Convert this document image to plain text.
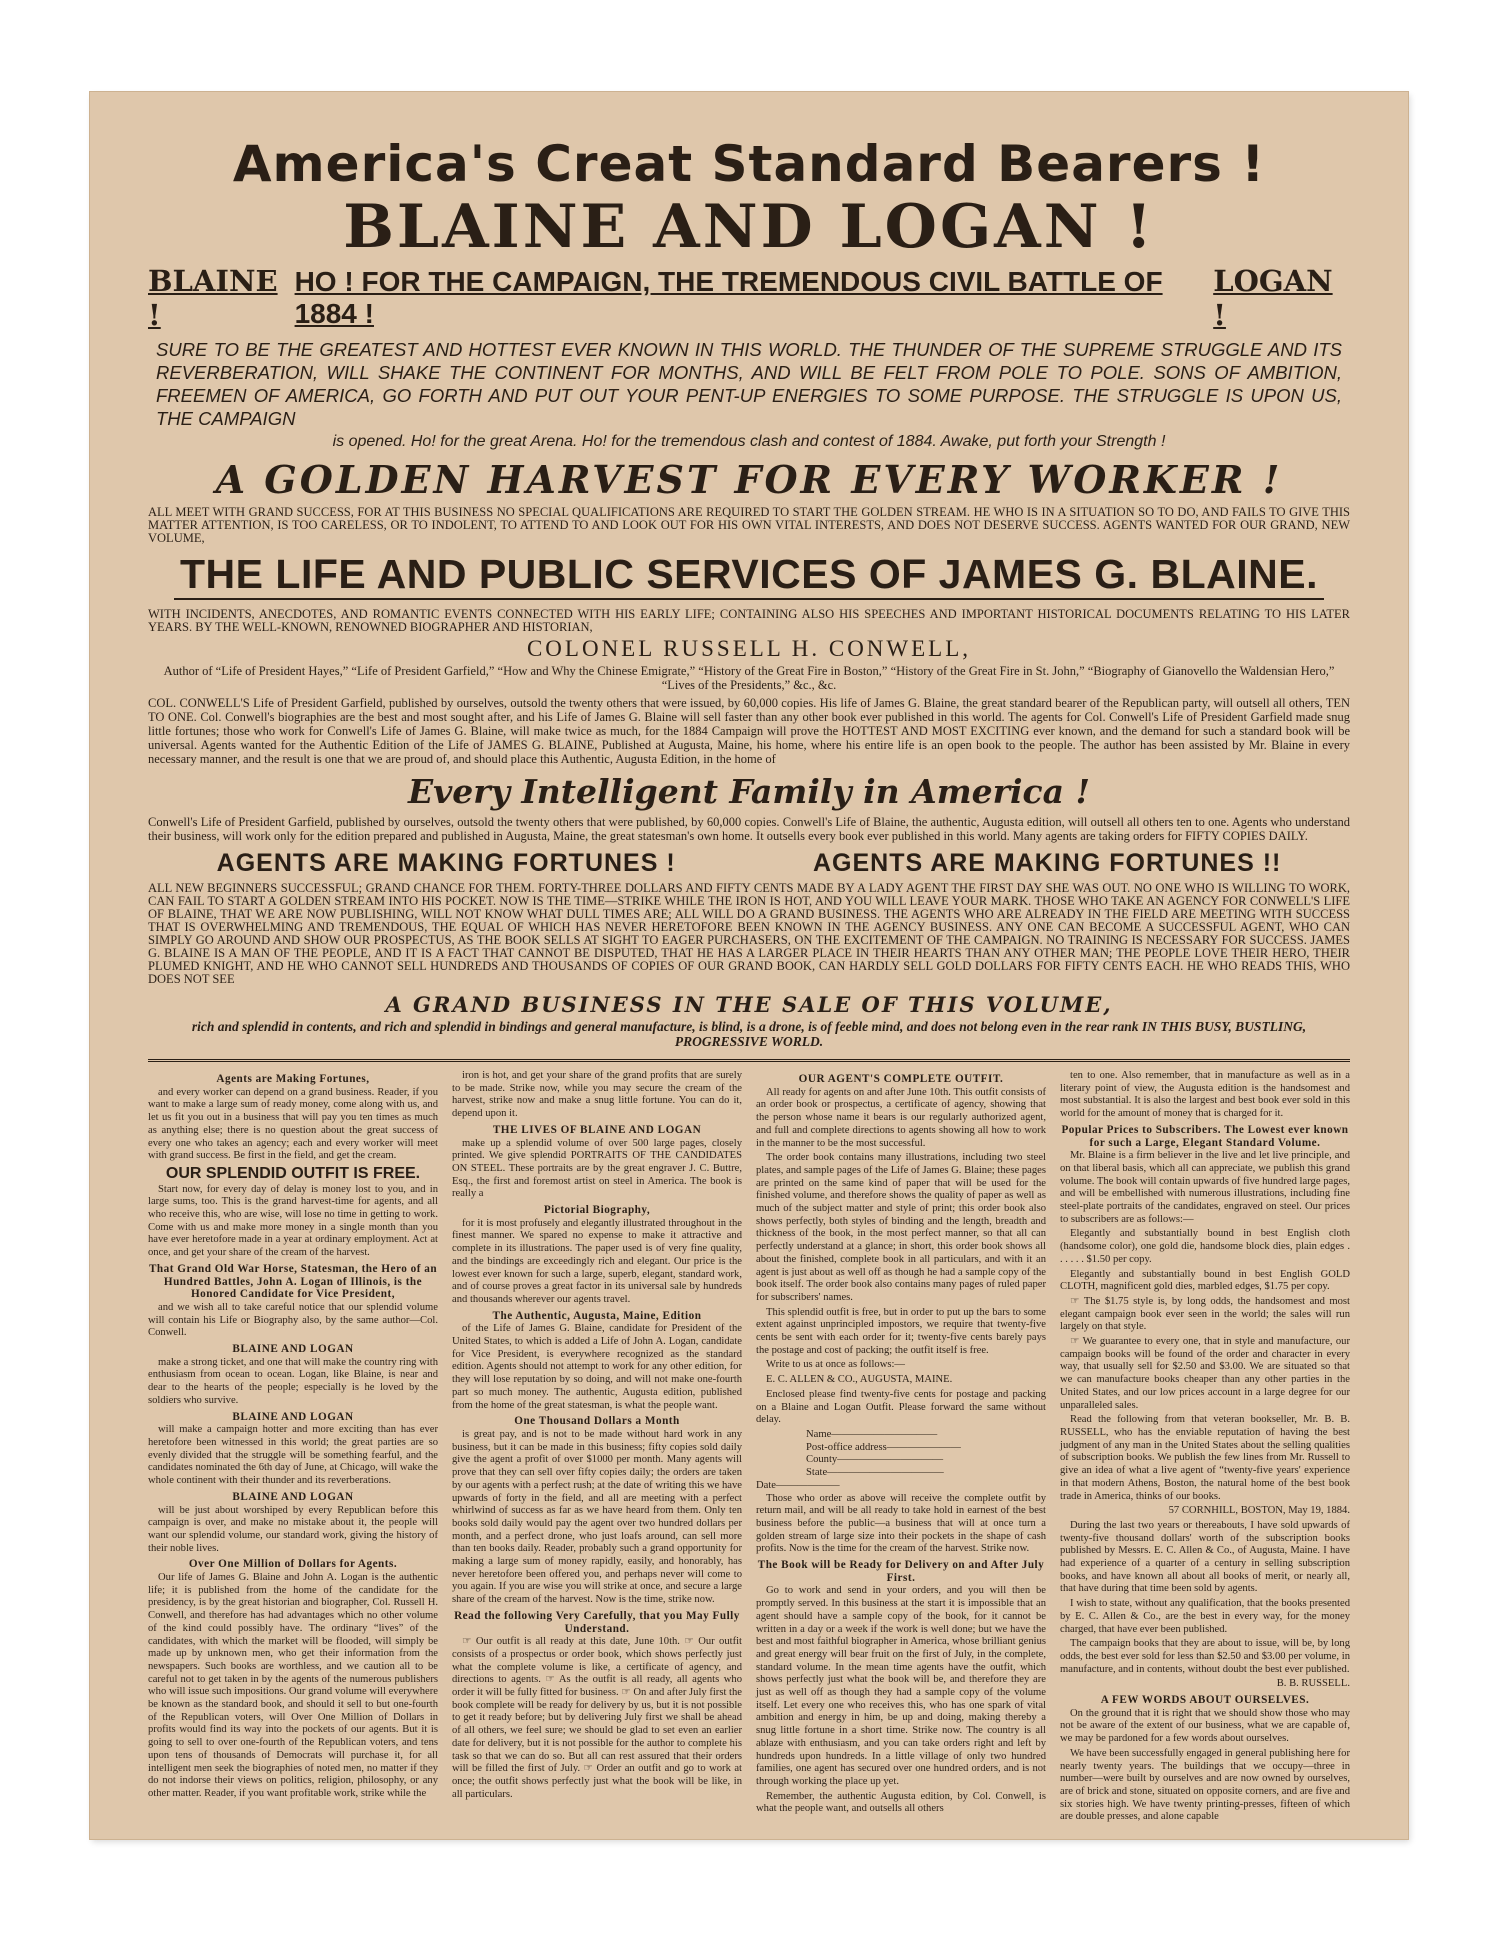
America's Creat Standard Bearers !
BLAINE AND LOGAN !
BLAINE !
HO ! FOR THE CAMPAIGN, THE TREMENDOUS CIVIL BATTLE OF 1884 !
LOGAN !
SURE TO BE THE GREATEST AND HOTTEST EVER KNOWN IN THIS WORLD. THE THUNDER OF THE SUPREME STRUGGLE AND ITS REVERBERATION, WILL SHAKE THE CONTINENT FOR MONTHS, AND WILL BE FELT FROM POLE TO POLE. SONS OF AMBITION, FREEMEN OF AMERICA, GO FORTH AND PUT OUT YOUR PENT-UP ENERGIES TO SOME PURPOSE. THE STRUGGLE IS UPON US, THE CAMPAIGN
is opened. Ho! for the great Arena. Ho! for the tremendous clash and contest of 1884. Awake, put forth your Strength !
A GOLDEN HARVEST FOR EVERY WORKER !
ALL MEET WITH GRAND SUCCESS, FOR AT THIS BUSINESS NO SPECIAL QUALIFICATIONS ARE REQUIRED TO START THE GOLDEN STREAM. HE WHO IS IN A SITUATION SO TO DO, AND FAILS TO GIVE THIS MATTER ATTENTION, IS TOO CARELESS, OR TO INDOLENT, TO ATTEND TO AND LOOK OUT FOR HIS OWN VITAL INTERESTS, AND DOES NOT DESERVE SUCCESS. AGENTS WANTED FOR OUR GRAND, NEW VOLUME,
THE LIFE AND PUBLIC SERVICES OF JAMES G. BLAINE.
WITH INCIDENTS, ANECDOTES, AND ROMANTIC EVENTS CONNECTED WITH HIS EARLY LIFE; CONTAINING ALSO HIS SPEECHES AND IMPORTANT HISTORICAL DOCUMENTS RELATING TO HIS LATER YEARS. BY THE WELL-KNOWN, RENOWNED BIOGRAPHER AND HISTORIAN,
COLONEL RUSSELL H. CONWELL,
Author of “Life of President Hayes,” “Life of President Garfield,” “How and Why the Chinese Emigrate,” “History of the Great Fire in Boston,” “History of the Great Fire in St. John,” “Biography of Gianovello the Waldensian Hero,” “Lives of the Presidents,” &c., &c.
COL. CONWELL'S Life of President Garfield, published by ourselves, outsold the twenty others that were issued, by 60,000 copies. His life of James G. Blaine, the great standard bearer of the Republican party, will outsell all others, TEN TO ONE. Col. Conwell's biographies are the best and most sought after, and his Life of James G. Blaine will sell faster than any other book ever published in this world. The agents for Col. Conwell's Life of President Garfield made snug little fortunes; those who work for Conwell's Life of James G. Blaine, will make twice as much, for the 1884 Campaign will prove the HOTTEST AND MOST EXCITING ever known, and the demand for such a standard book will be universal. Agents wanted for the Authentic Edition of the Life of JAMES G. BLAINE, Published at Augusta, Maine, his home, where his entire life is an open book to the people. The author has been assisted by Mr. Blaine in every necessary manner, and the result is one that we are proud of, and should place this Authentic, Augusta Edition, in the home of
Every Intelligent Family in America !
Conwell's Life of President Garfield, published by ourselves, outsold the twenty others that were published, by 60,000 copies. Conwell's Life of Blaine, the authentic, Augusta edition, will outsell all others ten to one. Agents who understand their business, will work only for the edition prepared and published in Augusta, Maine, the great statesman's own home. It outsells every book ever published in this world. Many agents are taking orders for FIFTY COPIES DAILY.
AGENTS ARE MAKING FORTUNES !	AGENTS ARE MAKING FORTUNES !!
ALL NEW BEGINNERS SUCCESSFUL; GRAND CHANCE FOR THEM. FORTY-THREE DOLLARS AND FIFTY CENTS MADE BY A LADY AGENT THE FIRST DAY SHE WAS OUT. NO ONE WHO IS WILLING TO WORK, CAN FAIL TO START A GOLDEN STREAM INTO HIS POCKET. NOW IS THE TIME—STRIKE WHILE THE IRON IS HOT, AND YOU WILL LEAVE YOUR MARK. THOSE WHO TAKE AN AGENCY FOR CONWELL'S LIFE OF BLAINE, THAT WE ARE NOW PUBLISHING, WILL NOT KNOW WHAT DULL TIMES ARE; ALL WILL DO A GRAND BUSINESS. THE AGENTS WHO ARE ALREADY IN THE FIELD ARE MEETING WITH SUCCESS THAT IS OVERWHELMING AND TREMENDOUS, THE EQUAL OF WHICH HAS NEVER HERETOFORE BEEN KNOWN IN THE AGENCY BUSINESS. ANY ONE CAN BECOME A SUCCESSFUL AGENT, WHO CAN SIMPLY GO AROUND AND SHOW OUR PROSPECTUS, AS THE BOOK SELLS AT SIGHT TO EAGER PURCHASERS, ON THE EXCITEMENT OF THE CAMPAIGN. NO TRAINING IS NECESSARY FOR SUCCESS. JAMES G. BLAINE IS A MAN OF THE PEOPLE, AND IT IS A FACT THAT CANNOT BE DISPUTED, THAT HE HAS A LARGER PLACE IN THEIR HEARTS THAN ANY OTHER MAN; THE PEOPLE LOVE THEIR HERO, THEIR PLUMED KNIGHT, AND HE WHO CANNOT SELL HUNDREDS AND THOUSANDS OF COPIES OF OUR GRAND BOOK, CAN HARDLY SELL GOLD DOLLARS FOR FIFTY CENTS EACH. HE WHO READS THIS, WHO DOES NOT SEE
A GRAND BUSINESS IN THE SALE OF THIS VOLUME,
rich and splendid in contents, and rich and splendid in bindings and general manufacture, is blind, is a drone, is of feeble mind, and does not belong even in the rear rank IN THIS BUSY, BUSTLING, PROGRESSIVE WORLD.
Agents are Making Fortunes,

and every worker can depend on a grand business. Reader, if you want to make a large sum of ready money, come along with us, and let us fit you out in a business that will pay you ten times as much as anything else; there is no question about the great success of every one who takes an agency; each and every worker will meet with grand success. Be first in the field, and get the cream.

OUR SPLENDID OUTFIT IS FREE.

Start now, for every day of delay is money lost to you, and in large sums, too. This is the grand harvest-time for agents, and all who receive this, who are wise, will lose no time in getting to work. Come with us and make more money in a single month than you have ever heretofore made in a year at ordinary employment. Act at once, and get your share of the cream of the harvest.

That Grand Old War Horse, Statesman, the Hero of an Hundred Battles, John A. Logan of Illinois, is the Honored Candidate for Vice President,

and we wish all to take careful notice that our splendid volume will contain his Life or Biography also, by the same author—Col. Conwell.

BLAINE AND LOGAN

make a strong ticket, and one that will make the country ring with enthusiasm from ocean to ocean. Logan, like Blaine, is near and dear to the hearts of the people; especially is he loved by the soldiers who survive.

BLAINE AND LOGAN

will make a campaign hotter and more exciting than has ever heretofore been witnessed in this world; the great parties are so evenly divided that the struggle will be something fearful, and the candidates nominated the 6th day of June, at Chicago, will wake the whole continent with their thunder and its reverberations.

BLAINE AND LOGAN

will be just about worshiped by every Republican before this campaign is over, and make no mistake about it, the people will want our splendid volume, our standard work, giving the history of their noble lives.

Over One Million of Dollars for Agents.

Our life of James G. Blaine and John A. Logan is the authentic life; it is published from the home of the candidate for the presidency, is by the great historian and biographer, Col. Russell H. Conwell, and therefore has had advantages which no other volume of the kind could possibly have. The ordinary “lives” of the candidates, with which the market will be flooded, will simply be made up by unknown men, who get their information from the newspapers. Such books are worthless, and we caution all to be careful not to get taken in by the agents of the numerous publishers who will issue such impositions. Our grand volume will everywhere be known as the standard book, and should it sell to but one-fourth of the Republican voters, will Over One Million of Dollars in profits would find its way into the pockets of our agents. But it is going to sell to over one-fourth of the Republican voters, and tens upon tens of thousands of Democrats will purchase it, for all intelligent men seek the biographies of noted men, no matter if they do not indorse their views on politics, religion, philosophy, or any other matter. Reader, if you want profitable work, strike while the

iron is hot, and get your share of the grand profits that are surely to be made. Strike now, while you may secure the cream of the harvest, strike now and make a snug little fortune. You can do it, depend upon it.

THE LIVES OF BLAINE AND LOGAN

make up a splendid volume of over 500 large pages, closely printed. We give splendid PORTRAITS OF THE CANDIDATES ON STEEL. These portraits are by the great engraver J. C. Buttre, Esq., the first and foremost artist on steel in America. The book is really a

Pictorial Biography,

for it is most profusely and elegantly illustrated throughout in the finest manner. We spared no expense to make it attractive and complete in its illustrations. The paper used is of very fine quality, and the bindings are exceedingly rich and elegant. Our price is the lowest ever known for such a large, superb, elegant, standard work, and of course proves a great factor in its universal sale by hundreds and thousands wherever our agents travel.

The Authentic, Augusta, Maine, Edition

of the Life of James G. Blaine, candidate for President of the United States, to which is added a Life of John A. Logan, candidate for Vice President, is everywhere recognized as the standard edition. Agents should not attempt to work for any other edition, for they will lose reputation by so doing, and will not make one-fourth part so much money. The authentic, Augusta edition, published from the home of the great statesman, is what the people want.

One Thousand Dollars a Month

is great pay, and is not to be made without hard work in any business, but it can be made in this business; fifty copies sold daily give the agent a profit of over $1000 per month. Many agents will prove that they can sell over fifty copies daily; the orders are taken by our agents with a perfect rush; at the date of writing this we have upwards of forty in the field, and all are meeting with a perfect whirlwind of success as far as we have heard from them. Only ten books sold daily would pay the agent over two hundred dollars per month, and a perfect drone, who just loafs around, can sell more than ten books daily. Reader, probably such a grand opportunity for making a large sum of money rapidly, easily, and honorably, has never heretofore been offered you, and perhaps never will come to you again. If you are wise you will strike at once, and secure a large share of the cream of the harvest. Now is the time, strike now.

Read the following Very Carefully, that you May Fully Understand.

☞ Our outfit is all ready at this date, June 10th. ☞ Our outfit consists of a prospectus or order book, which shows perfectly just what the complete volume is like, a certificate of agency, and directions to agents. ☞ As the outfit is all ready, all agents who order it will be fully fitted for business. ☞ On and after July first the book complete will be ready for delivery by us, but it is not possible to get it ready before; but by delivering July first we shall be ahead of all others, we feel sure; we should be glad to set even an earlier date for delivery, but it is not possible for the author to complete his task so that we can do so. But all can rest assured that their orders will be filled the first of July. ☞ Order an outfit and go to work at once; the outfit shows perfectly just what the book will be like, in all particulars.

OUR AGENT'S COMPLETE OUTFIT.

All ready for agents on and after June 10th. This outfit consists of an order book or prospectus, a certificate of agency, showing that the person whose name it bears is our regularly authorized agent, and full and complete directions to agents showing all how to work in the manner to be the most successful.

The order book contains many illustrations, including two steel plates, and sample pages of the Life of James G. Blaine; these pages are printed on the same kind of paper that will be used for the finished volume, and therefore shows the quality of paper as well as much of the subject matter and style of print; this order book also shows perfectly, both styles of binding and the length, breadth and thickness of the book, in the most perfect manner, so that all can perfectly understand at a glance; in short, this order book shows all about the finished, complete book in all particulars, and with it an agent is just about as well off as though he had a sample copy of the book itself. The order book also contains many pages of ruled paper for subscribers' names.

This splendid outfit is free, but in order to put up the bars to some extent against unprincipled impostors, we require that twenty-five cents be sent with each order for it; twenty-five cents barely pays the postage and cost of packing; the outfit itself is free.

Write to us at once as follows:—

E. C. ALLEN & CO., AUGUSTA, MAINE.

Enclosed please find twenty-five cents for postage and packing on a Blaine and Logan Outfit. Please forward the same without delay.

Name——————————
Post-office address———————
County——————————
State———————————
Date——————

Those who order as above will receive the complete outfit by return mail, and will be all ready to take hold in earnest of the best business before the public—a business that will at once turn a golden stream of large size into their pockets in the shape of cash profits. Now is the time for the cream of the harvest. Strike now.

The Book will be Ready for Delivery on and After July First.

Go to work and send in your orders, and you will then be promptly served. In this business at the start it is impossible that an agent should have a sample copy of the book, for it cannot be written in a day or a week if the work is well done; but we have the best and most faithful biographer in America, whose brilliant genius and great energy will bear fruit on the first of July, in the complete, standard volume. In the mean time agents have the outfit, which shows perfectly just what the book will be, and therefore they are just as well off as though they had a sample copy of the volume itself. Let every one who receives this, who has one spark of vital ambition and energy in him, be up and doing, making thereby a snug little fortune in a short time. Strike now. The country is all ablaze with enthusiasm, and you can take orders right and left by hundreds upon hundreds. In a little village of only two hundred families, one agent has secured over one hundred orders, and is not through working the place up yet.

Remember, the authentic Augusta edition, by Col. Conwell, is what the people want, and outsells all others

ten to one. Also remember, that in manufacture as well as in a literary point of view, the Augusta edition is the handsomest and most substantial. It is also the largest and best book ever sold in this world for the amount of money that is charged for it.

Popular Prices to Subscribers. The Lowest ever known for such a Large, Elegant Standard Volume.

Mr. Blaine is a firm believer in the live and let live principle, and on that liberal basis, which all can appreciate, we publish this grand volume. The book will contain upwards of five hundred large pages, and will be embellished with numerous illustrations, including fine steel-plate portraits of the candidates, engraved on steel. Our prices to subscribers are as follows:—

Elegantly and substantially bound in best English cloth (handsome color), one gold die, handsome block dies, plain edges . . . . . . $1.50 per copy.

Elegantly and substantially bound in best English GOLD CLOTH, magnificent gold dies, marbled edges, $1.75 per copy.

☞ The $1.75 style is, by long odds, the handsomest and most elegant campaign book ever seen in the world; the sales will run largely on that style.

☞ We guarantee to every one, that in style and manufacture, our campaign books will be found of the order and character in every way, that usually sell for $2.50 and $3.00. We are situated so that we can manufacture books cheaper than any other parties in the United States, and our low prices account in a large degree for our unparalleled sales.

Read the following from that veteran bookseller, Mr. B. B. RUSSELL, who has the enviable reputation of having the best judgment of any man in the United States about the selling qualities of subscription books. We publish the few lines from Mr. Russell to give an idea of what a live agent of “twenty-five years' experience in that modern Athens, Boston, the natural home of the best book trade in America, thinks of our books.

57 CORNHILL, BOSTON, May 19, 1884.

During the last two years or thereabouts, I have sold upwards of twenty-five thousand dollars' worth of the subscription books published by Messrs. E. C. Allen & Co., of Augusta, Maine. I have had experience of a quarter of a century in selling subscription books, and have known all about all books of merit, or nearly all, that have during that time been sold by agents.

I wish to state, without any qualification, that the books presented by E. C. Allen & Co., are the best in every way, for the money charged, that have ever been published.

The campaign books that they are about to issue, will be, by long odds, the best ever sold for less than $2.50 and $3.00 per volume, in manufacture, and in contents, without doubt the best ever published.

B. B. RUSSELL.

A FEW WORDS ABOUT OURSELVES.

On the ground that it is right that we should show those who may not be aware of the extent of our business, what we are capable of, we may be pardoned for a few words about ourselves.

We have been successfully engaged in general publishing here for nearly twenty years. The buildings that we occupy—three in number—were built by ourselves and are now owned by ourselves, are of brick and stone, situated on opposite corners, and are five and six stories high. We have twenty printing-presses, fifteen of which are double presses, and alone capable
